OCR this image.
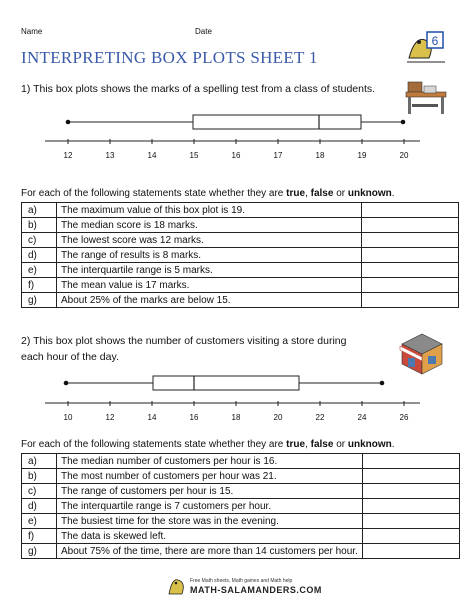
Name	Date
6
INTERPRETING BOX PLOTS SHEET 1
1) This box plots shows the marks of a spelling test from a class of students.
12	13	14	15	16	17	18	19	20
For each of the following statements state whether they are true, false or unknown.
a)	The maximum value of this box plot is 19.	
b)	The median score is 18 marks.	
c)	The lowest score was 12 marks.	
d)	The range of results is 8 marks.	
e)	The interquartile range is 5 marks.	
f)	The mean value is 17 marks.	
g)	About 25% of the marks are below 15.	
2) This box plot shows the number of customers visiting a store during
each hour of the day.
10	12	14	16	18	20	22	24	26
For each of the following statements state whether they are true, false or unknown.
a)	The median number of customers per hour is 16.	
b)	The most number of customers per hour was 21.	
c)	The range of customers per hour is 15.	
d)	The interquartile range is 7 customers per hour.	
e)	The busiest time for the store was in the evening.	
f)	The data is skewed left.	
g)	About 75% of the time, there are more than 14 customers per hour.	
Free Math sheets, Math games and Math help
MATH-SALAMANDERS.COM
